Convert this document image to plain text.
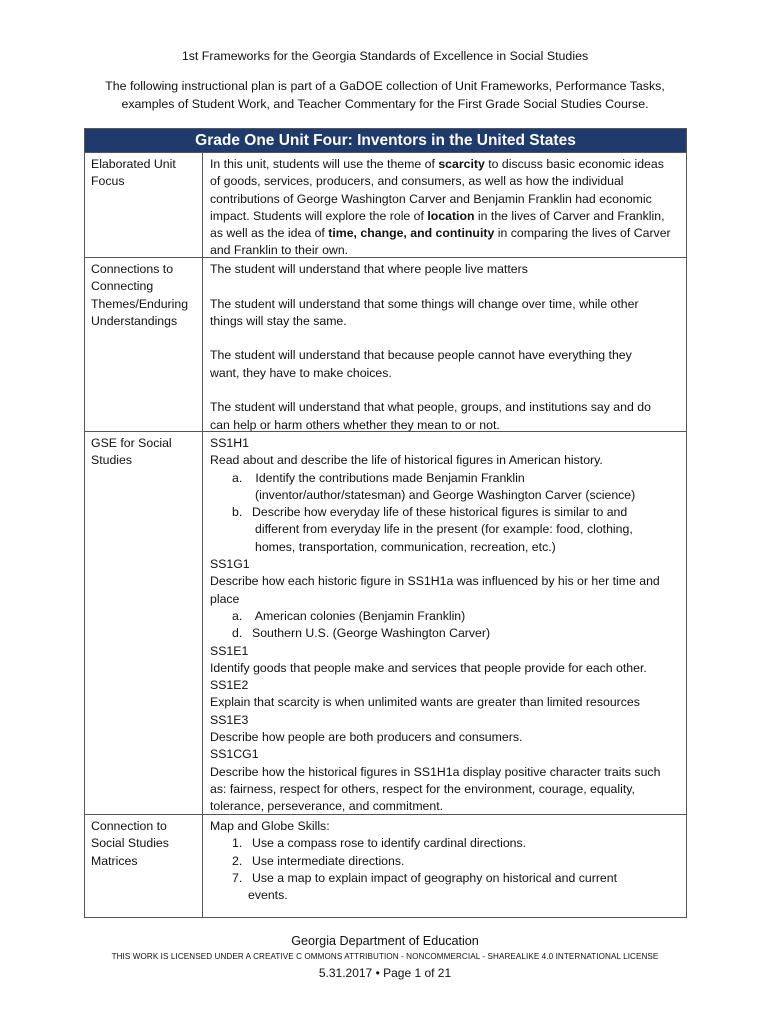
1st Frameworks for the Georgia Standards of Excellence in Social Studies
The following instructional plan is part of a GaDOE collection of Unit Frameworks, Performance Tasks,
examples of Student Work, and Teacher Commentary for the First Grade Social Studies Course.
Grade One Unit Four: Inventors in the United States
Elaborated Unit
Focus
In this unit, students will use the theme of scarcity to discuss basic economic ideas
of goods, services, producers, and consumers, as well as how the individual
contributions of George Washington Carver and Benjamin Franklin had economic
impact. Students will explore the role of location in the lives of Carver and Franklin,
as well as the idea of time, change, and continuity in comparing the lives of Carver
and Franklin to their own.
Connections to
Connecting
Themes/Enduring
Understandings
The student will understand that where people live matters
The student will understand that some things will change over time, while other
things will stay the same.
The student will understand that because people cannot have everything they
want, they have to make choices.
The student will understand that what people, groups, and institutions say and do
can help or harm others whether they mean to or not.
GSE for Social
Studies
SS1H1
Read about and describe the life of historical figures in American history.
a. Identify the contributions made Benjamin Franklin
(inventor/author/statesman) and George Washington Carver (science)
b. Describe how everyday life of these historical figures is similar to and
different from everyday life in the present (for example: food, clothing,
homes, transportation, communication, recreation, etc.)
SS1G1
Describe how each historic figure in SS1H1a was influenced by his or her time and
place
a. American colonies (Benjamin Franklin)
d. Southern U.S. (George Washington Carver)
SS1E1
Identify goods that people make and services that people provide for each other.
SS1E2
Explain that scarcity is when unlimited wants are greater than limited resources
SS1E3
Describe how people are both producers and consumers.
SS1CG1
Describe how the historical figures in SS1H1a display positive character traits such
as: fairness, respect for others, respect for the environment, courage, equality,
tolerance, perseverance, and commitment.
Connection to
Social Studies
Matrices
Map and Globe Skills:
1. Use a compass rose to identify cardinal directions.
2. Use intermediate directions.
7. Use a map to explain impact of geography on historical and current
events.
Georgia Department of Education
THIS WORK IS LICENSED UNDER A CREATIVE C OMMONS ATTRIBUTION - NONCOMMERCIAL - SHAREALIKE 4.0 INTERNATIONAL LICENSE
5.31.2017 • Page 1 of 21
